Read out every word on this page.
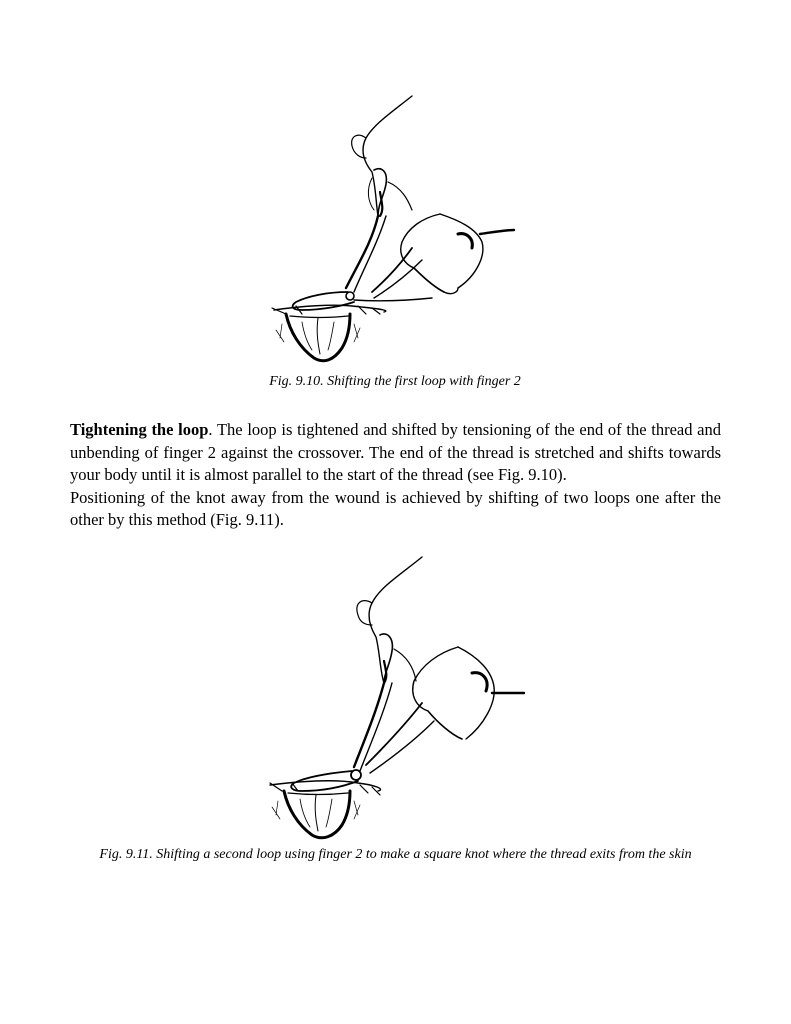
Fig. 9.10. Shifting the first loop with finger 2

Tightening the loop. The loop is tightened and shifted by tensioning of the end of the thread and unbending of finger 2 against the crossover. The end of the thread is stretched and shifts towards your body until it is almost parallel to the start of the thread (see Fig. 9.10).

Positioning of the knot away from the wound is achieved by shifting of two loops one after the other by this method (Fig. 9.11).

Fig. 9.11. Shifting a second loop using finger 2 to make a square knot where the thread exits from the skin
